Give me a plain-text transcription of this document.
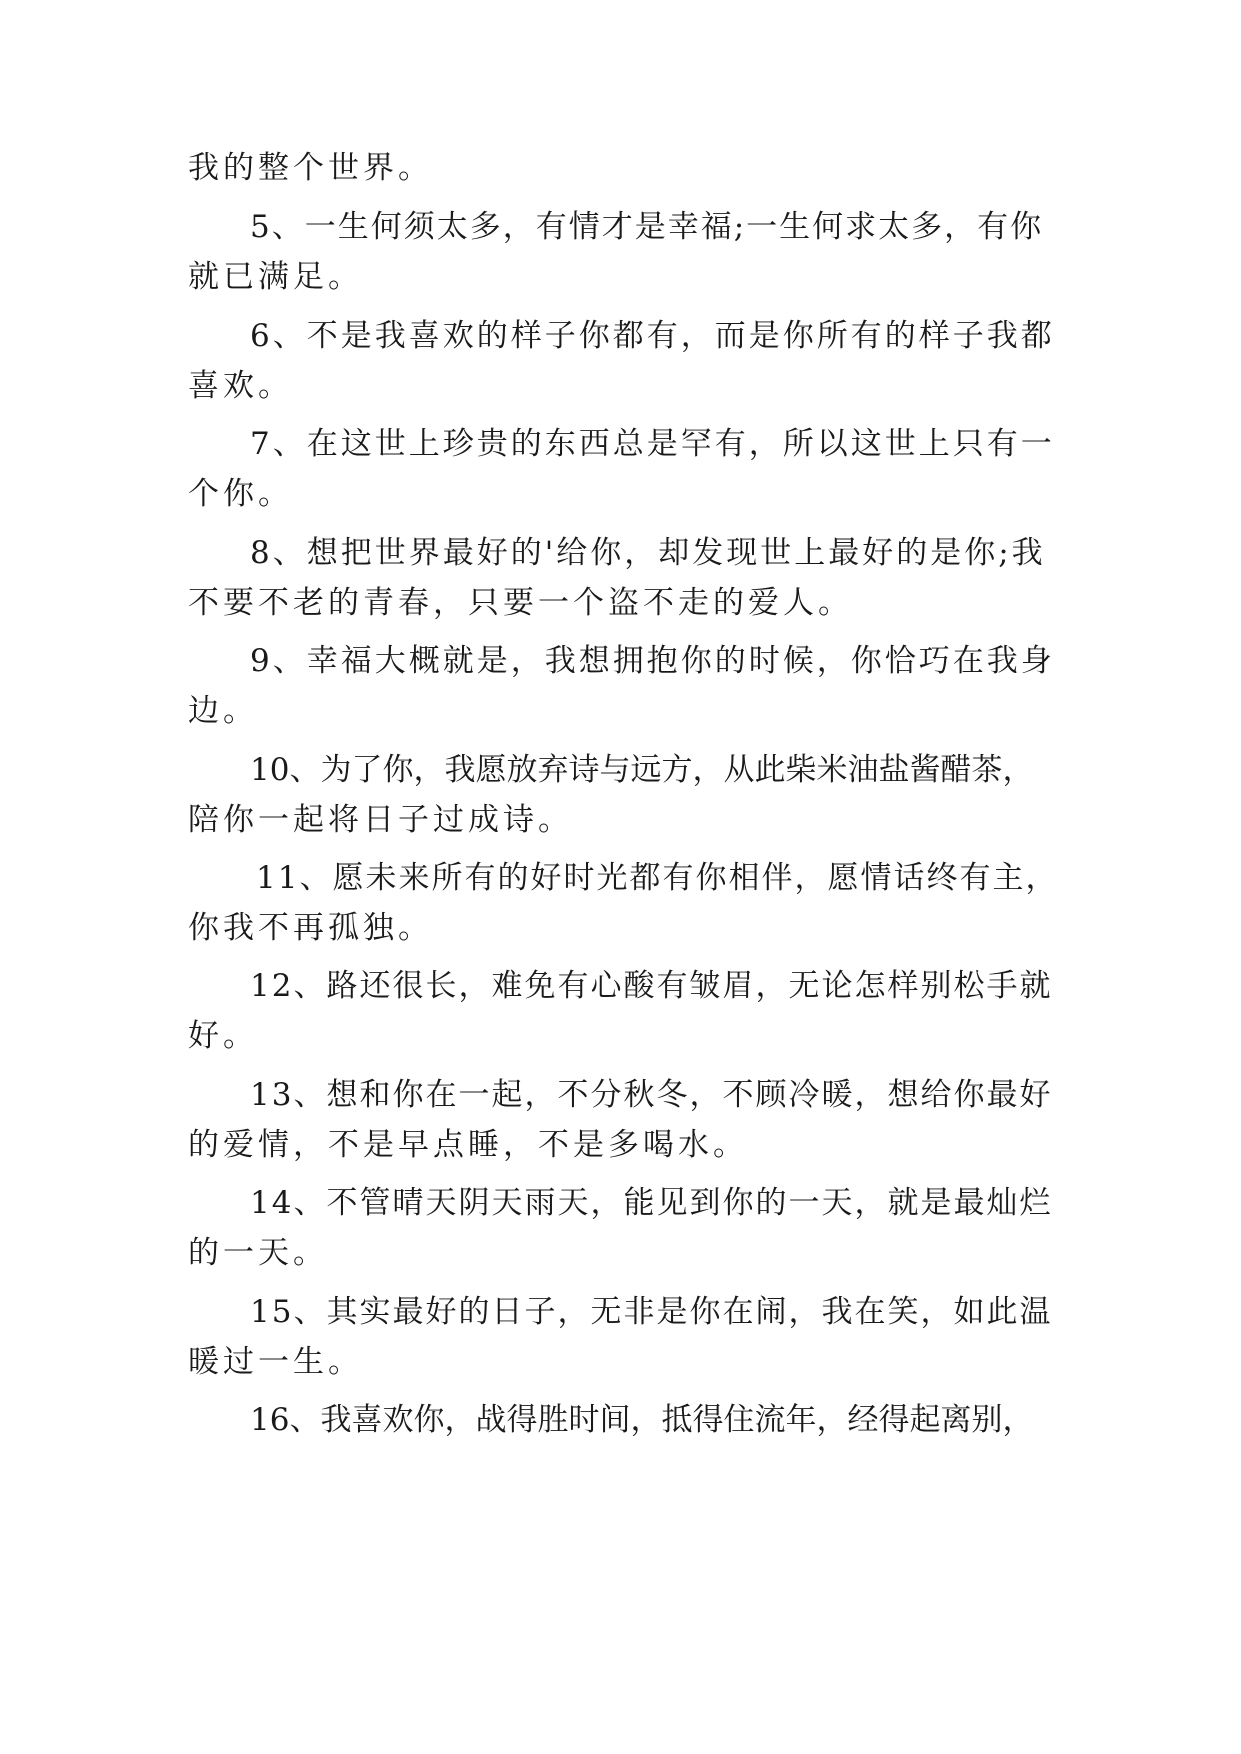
我的整个世界。
5、一生何须太多，有情才是幸福;一生何求太多，有你
就已满足。
6、不是我喜欢的样子你都有，而是你所有的样子我都
喜欢。
7、在这世上珍贵的东西总是罕有，所以这世上只有一
个你。
8、想把世界最好的'给你，却发现世上最好的是你;我
不要不老的青春，只要一个盗不走的爱人。
9、幸福大概就是，我想拥抱你的时候，你恰巧在我身
边。
10、为了你，我愿放弃诗与远方，从此柴米油盐酱醋茶，
陪你一起将日子过成诗。
11、愿未来所有的好时光都有你相伴，愿情话终有主，
你我不再孤独。
12、路还很长，难免有心酸有皱眉，无论怎样别松手就
好。
13、想和你在一起，不分秋冬，不顾冷暖，想给你最好
的爱情，不是早点睡，不是多喝水。
14、不管晴天阴天雨天，能见到你的一天，就是最灿烂
的一天。
15、其实最好的日子，无非是你在闹，我在笑，如此温
暖过一生。
16、我喜欢你，战得胜时间，抵得住流年，经得起离别，
